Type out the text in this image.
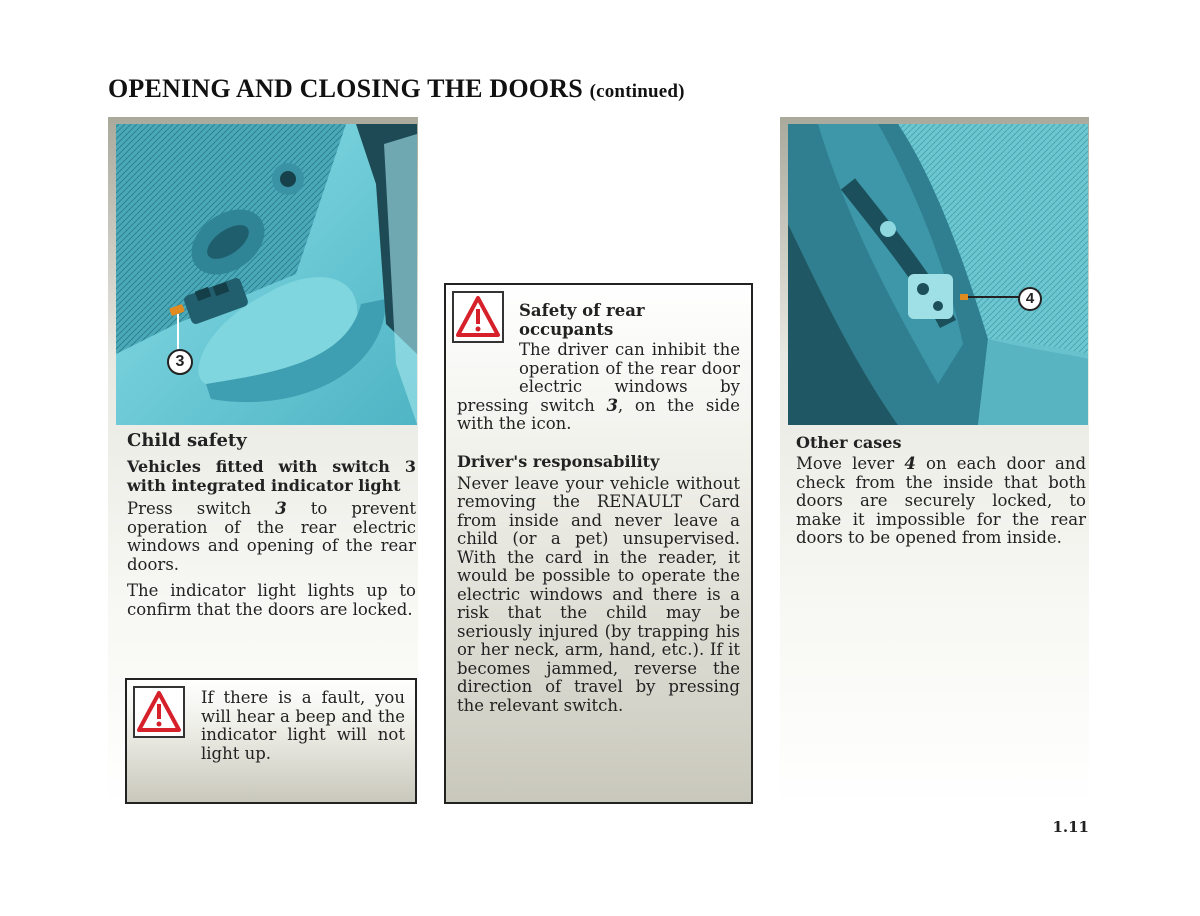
OPENING AND CLOSING THE DOORS (continued)
3
Child safety
Vehicles fitted with switch 3 with integrated indicator light
Press switch 3 to prevent operation of the rear electric windows and opening of the rear doors.
The indicator light lights up to confirm that the doors are locked.
If there is a fault, you will hear a beep and the indicator light will not light up.
Safety of rear occupants
The driver can inhibit the operation of the rear door electric windows by pressing switch 3, on the side with the icon.
Driver's responsability
Never leave your vehicle without removing the RENAULT Card from inside and never leave a child (or a pet) unsupervised. With the card in the reader, it would be possible to operate the electric windows and there is a risk that the child may be seriously injured (by trapping his or her neck, arm, hand, etc.). If it becomes jammed, reverse the direction of travel by pressing the relevant switch.
4
Other cases
Move lever 4 on each door and check from the inside that both doors are securely locked, to make it impossible for the rear doors to be opened from inside.
1.11
